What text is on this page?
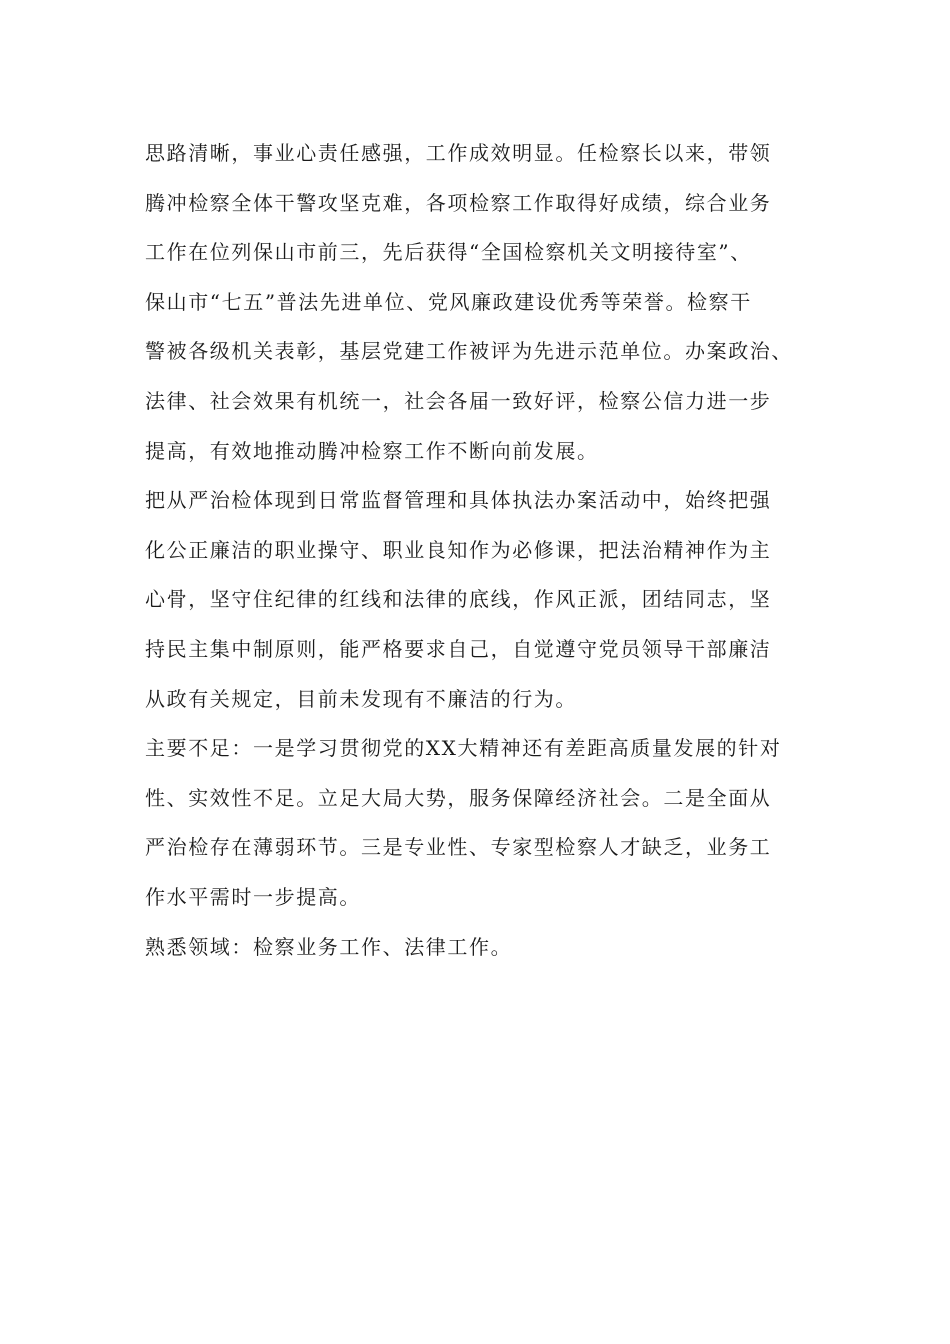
思路清晰，事业心责任感强，工作成效明显。任检察长以来，带领
腾冲检察全体干警攻坚克难，各项检察工作取得好成绩，综合业务
工作在位列保山市前三，先后获得“全国检察机关文明接待室”、
保山市“七五”普法先进单位、党风廉政建设优秀等荣誉。检察干
警被各级机关表彰，基层党建工作被评为先进示范单位。办案政治、
法律、社会效果有机统一，社会各届一致好评，检察公信力进一步
提高，有效地推动腾冲检察工作不断向前发展。
把从严治检体现到日常监督管理和具体执法办案活动中，始终把强
化公正廉洁的职业操守、职业良知作为必修课，把法治精神作为主
心骨，坚守住纪律的红线和法律的底线，作风正派，团结同志，坚
持民主集中制原则，能严格要求自己，自觉遵守党员领导干部廉洁
从政有关规定，目前未发现有不廉洁的行为。
主要不足：一是学习贯彻党的XX大精神还有差距高质量发展的针对
性、实效性不足。立足大局大势，服务保障经济社会。二是全面从
严治检存在薄弱环节。三是专业性、专家型检察人才缺乏，业务工
作水平需时一步提高。
熟悉领域：检察业务工作、法律工作。
